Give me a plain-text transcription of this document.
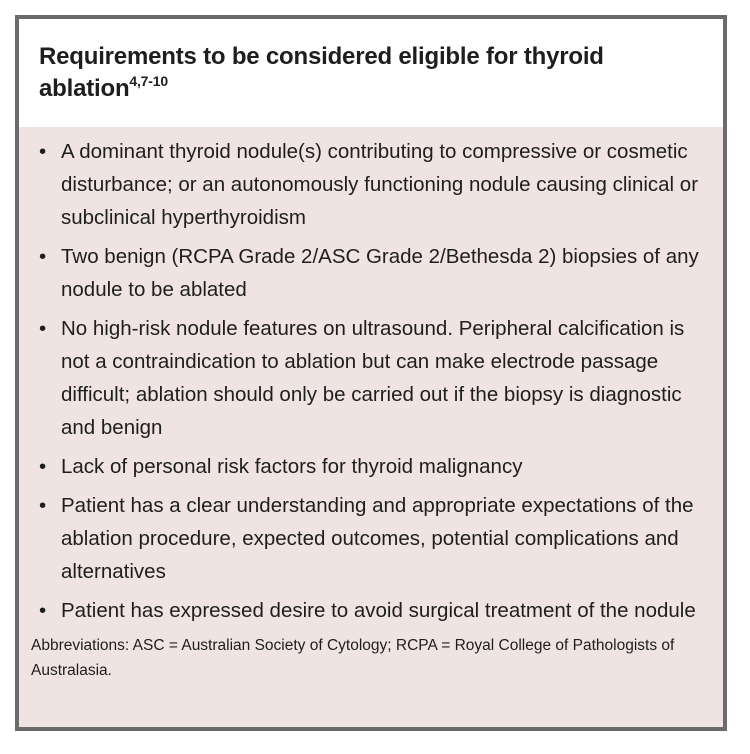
Requirements to be considered eligible for thyroid ablation$^{4,7-10}$
• A dominant thyroid nodule(s) contributing to compressive or cosmetic disturbance; or an autonomously functioning nodule causing clinical or subclinical hyperthyroidism
• Two benign (RCPA Grade 2/ASC Grade 2/Bethesda 2) biopsies of any nodule to be ablated
• No high-risk nodule features on ultrasound. Peripheral calcification is not a contraindication to ablation but can make electrode passage difficult; ablation should only be carried out if the biopsy is diagnostic and benign
• Lack of personal risk factors for thyroid malignancy
• Patient has a clear understanding and appropriate expectations of the ablation procedure, expected outcomes, potential complications and alternatives
• Patient has expressed desire to avoid surgical treatment of the nodule

Abbreviations: ASC = Australian Society of Cytology; RCPA = Royal College of Pathologists of Australasia.
